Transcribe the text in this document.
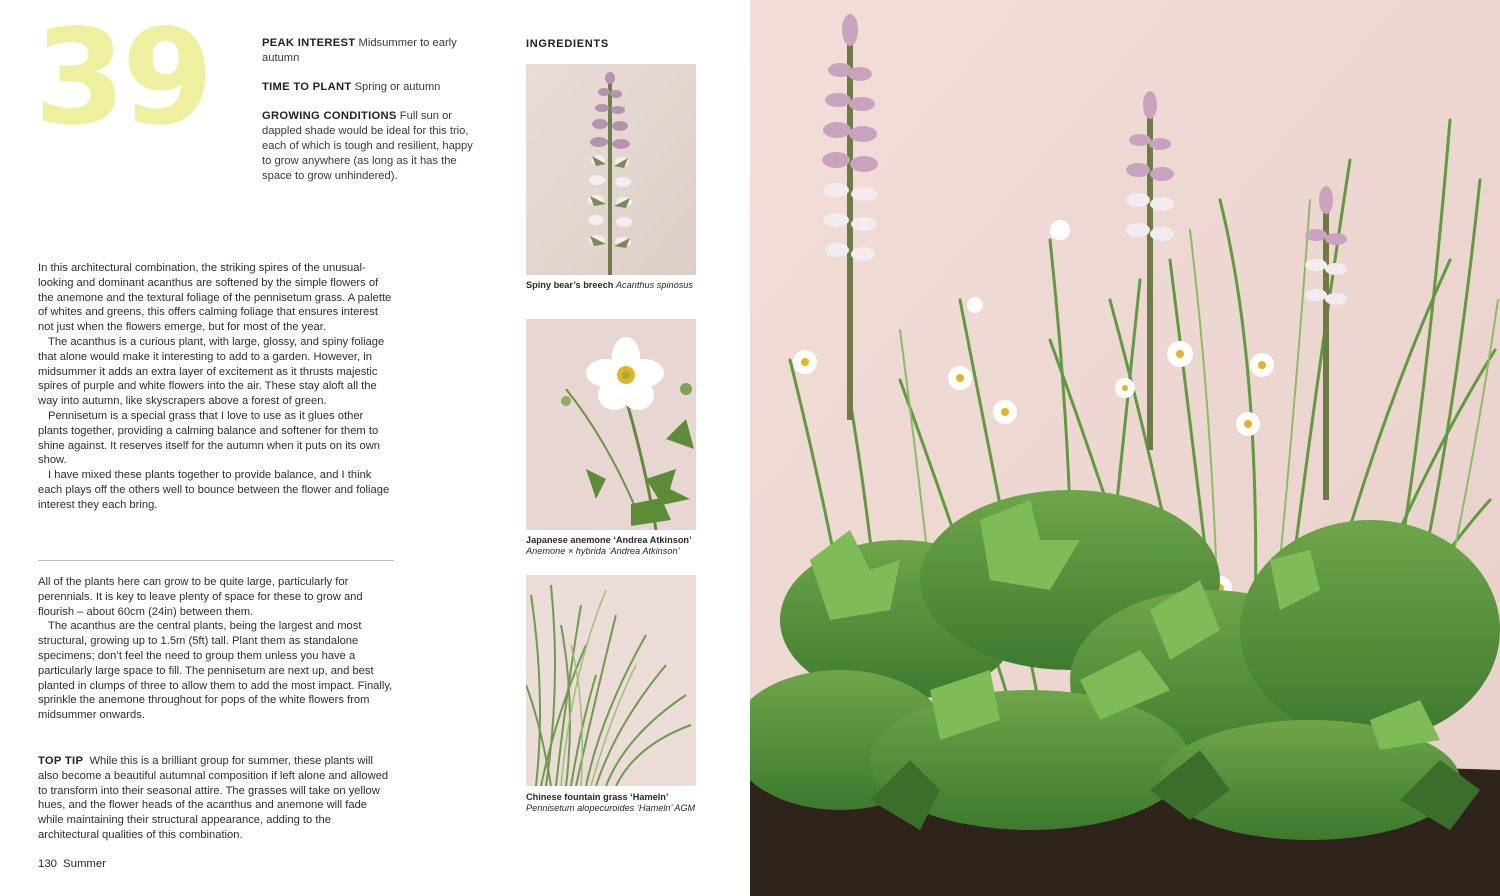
39	PEAK INTEREST Midsummer to early autumn
TIME TO PLANT Spring or autumn
GROWING CONDITIONS Full sun or dappled shade would be ideal for this trio, each of which is tough and resilient, happy to grow anywhere (as long as it has the space to grow unhindered).

In this architectural combination, the striking spires of the unusual-looking and dominant acanthus are softened by the simple flowers of the anemone and the textural foliage of the pennisetum grass. A palette of whites and greens, this offers calming foliage that ensures interest not just when the flowers emerge, but for most of the year.

The acanthus is a curious plant, with large, glossy, and spiny foliage that alone would make it interesting to add to a garden. However, in midsummer it adds an extra layer of excitement as it thrusts majestic spires of purple and white flowers into the air. These stay aloft all the way into autumn, like skyscrapers above a forest of green.

Pennisetum is a special grass that I love to use as it glues other plants together, providing a calming balance and softener for them to shine against. It reserves itself for the autumn when it puts on its own show.

I have mixed these plants together to provide balance, and I think each plays off the others well to bounce between the flower and foliage interest they each bring.

All of the plants here can grow to be quite large, particularly for perennials. It is key to leave plenty of space for these to grow and flourish – about 60cm (24in) between them.

The acanthus are the central plants, being the largest and most structural, growing up to 1.5m (5ft) tall. Plant them as standalone specimens; don’t feel the need to group them unless you have a particularly large space to fill. The pennisetum are next up, and best planted in clumps of three to allow them to add the most impact. Finally, sprinkle the anemone throughout for pops of the white flowers from midsummer onwards.

TOP TIP While this is a brilliant group for summer, these plants will also become a beautiful autumnal composition if left alone and allowed to transform into their seasonal attire. The grasses will take on yellow hues, and the flower heads of the acanthus and anemone will fade while maintaining their structural appearance, adding to the architectural qualities of this combination.
130 Summer
INGREDIENTS
Spiny bear’s breech Acanthus spinosus
Japanese anemone ‘Andrea Atkinson’
Anemone × hybrida ‘Andrea Atkinson’
Chinese fountain grass ‘Hameln’
Pennisetum alopecuroides ‘Hameln’ AGM
